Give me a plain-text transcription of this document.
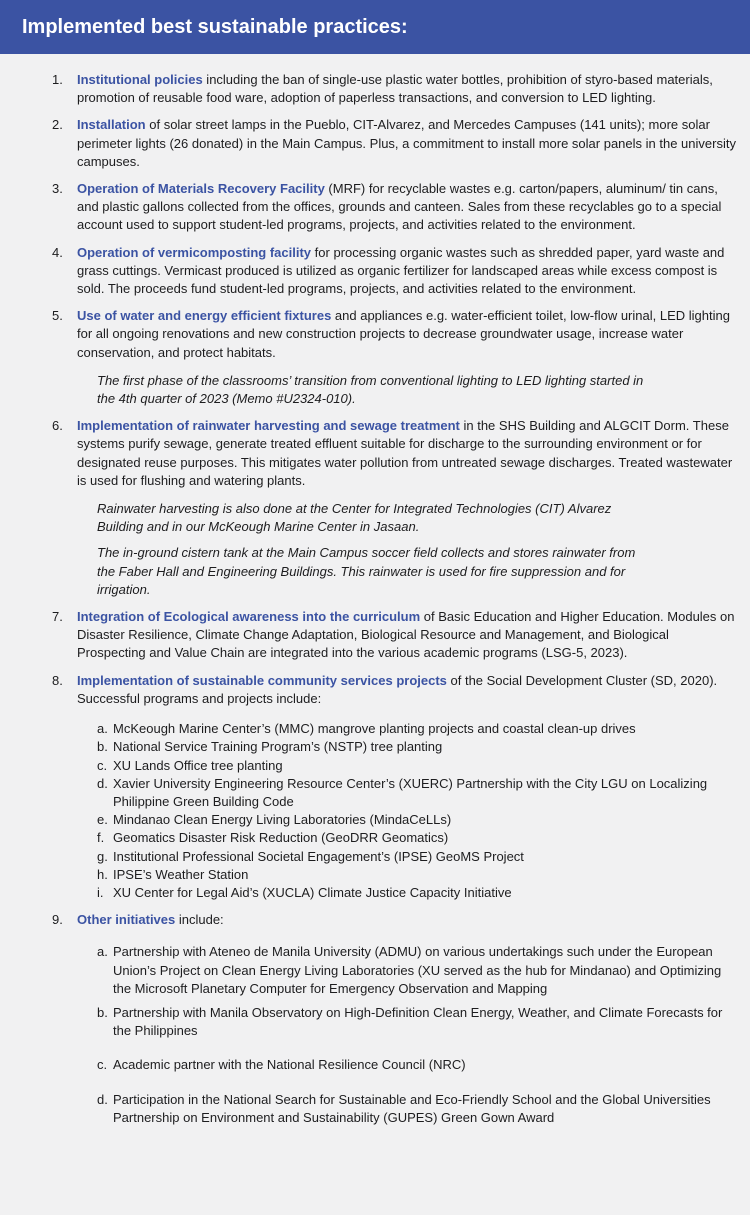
Implemented best sustainable practices:
1. Institutional policies including the ban of single-use plastic water bottles, prohibition of styro-based materials, promotion of reusable food ware, adoption of paperless transactions, and conversion to LED lighting.
2. Installation of solar street lamps in the Pueblo, CIT-Alvarez, and Mercedes Campuses (141 units); more solar perimeter lights (26 donated) in the Main Campus. Plus, a commitment to install more solar panels in the university campuses.
3. Operation of Materials Recovery Facility (MRF) for recyclable wastes e.g. carton/papers, aluminum/ tin cans, and plastic gallons collected from the offices, grounds and canteen. Sales from these recyclables go to a special account used to support student-led programs, projects, and activities related to the environment.
4. Operation of vermicomposting facility for processing organic wastes such as shredded paper, yard waste and grass cuttings. Vermicast produced is utilized as organic fertilizer for landscaped areas while excess compost is sold. The proceeds fund student-led programs, projects, and activities related to the environment.
5. Use of water and energy efficient fixtures and appliances e.g. water-efficient toilet, low-flow urinal, LED lighting for all ongoing renovations and new construction projects to decrease groundwater usage, increase water conservation, and protect habitats.
The first phase of the classrooms’ transition from conventional lighting to LED lighting started in the 4th quarter of 2023 (Memo #U2324-010).
6. Implementation of rainwater harvesting and sewage treatment in the SHS Building and ALGCIT Dorm. These systems purify sewage, generate treated effluent suitable for discharge to the surrounding environment or for designated reuse purposes. This mitigates water pollution from untreated sewage discharges. Treated wastewater is used for flushing and watering plants.
Rainwater harvesting is also done at the Center for Integrated Technologies (CIT) Alvarez Building and in our McKeough Marine Center in Jasaan.
The in-ground cistern tank at the Main Campus soccer field collects and stores rainwater from the Faber Hall and Engineering Buildings. This rainwater is used for fire suppression and for irrigation.
7. Integration of Ecological awareness into the curriculum of Basic Education and Higher Education. Modules on Disaster Resilience, Climate Change Adaptation, Biological Resource and Management, and Biological Prospecting and Value Chain are integrated into the various academic programs (LSG-5, 2023).
8. Implementation of sustainable community services projects of the Social Development Cluster (SD, 2020). Successful programs and projects include:
a. McKeough Marine Center’s (MMC) mangrove planting projects and coastal clean-up drives
b. National Service Training Program’s (NSTP) tree planting
c. XU Lands Office tree planting
d. Xavier University Engineering Resource Center’s (XUERC) Partnership with the City LGU on Localizing Philippine Green Building Code
e. Mindanao Clean Energy Living Laboratories (MindaCeLLs)
f. Geomatics Disaster Risk Reduction (GeoDRR Geomatics)
g. Institutional Professional Societal Engagement’s (IPSE) GeoMS Project
h. IPSE’s Weather Station
i. XU Center for Legal Aid’s (XUCLA) Climate Justice Capacity Initiative
9. Other initiatives include:
a. Partnership with Ateneo de Manila University (ADMU) on various undertakings such under the European Union’s Project on Clean Energy Living Laboratories (XU served as the hub for Mindanao) and Optimizing the Microsoft Planetary Computer for Emergency Observation and Mapping
b. Partnership with Manila Observatory on High-Definition Clean Energy, Weather, and Climate Forecasts for the Philippines
c. Academic partner with the National Resilience Council (NRC)
d. Participation in the National Search for Sustainable and Eco-Friendly School and the Global Universities Partnership on Environment and Sustainability (GUPES) Green Gown Award
